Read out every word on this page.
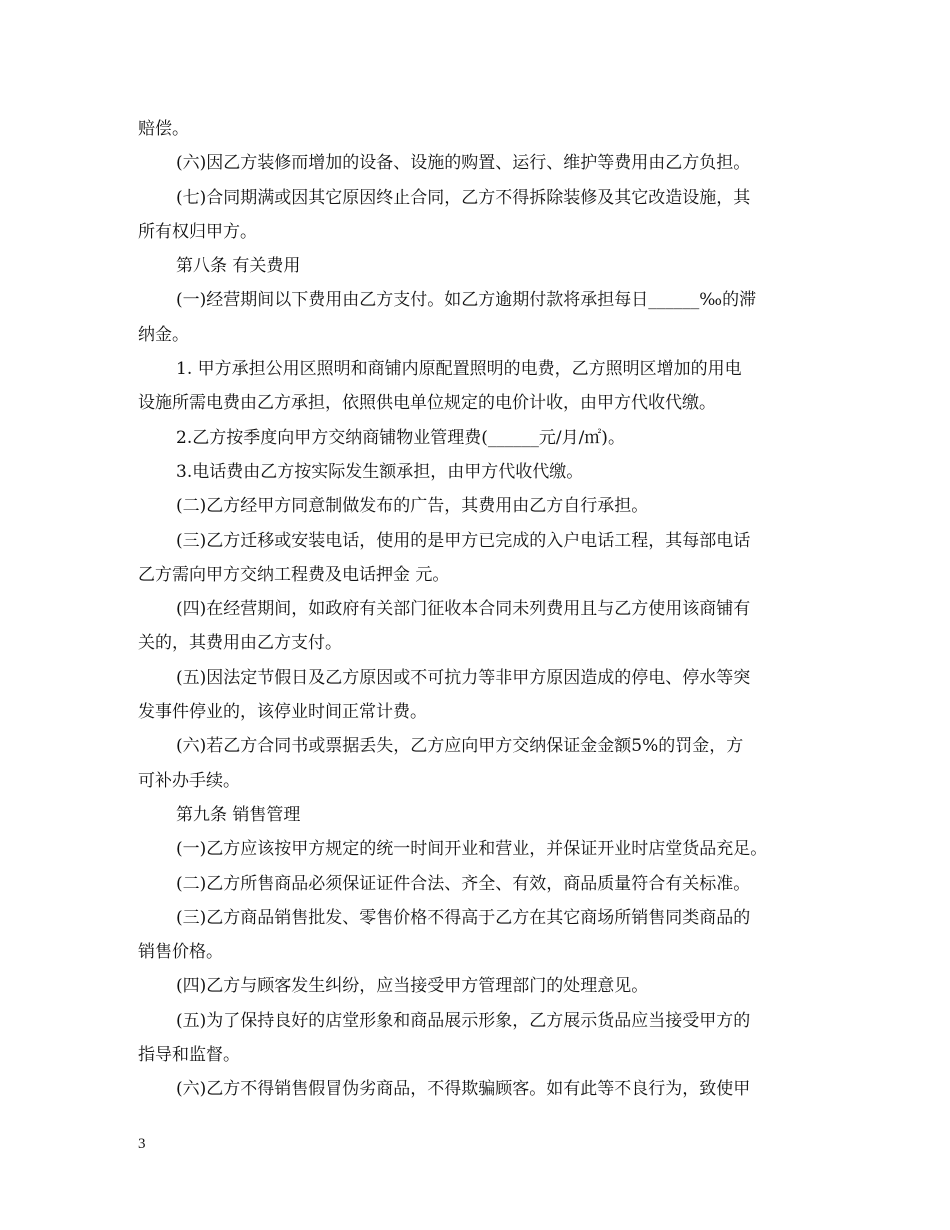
赔偿。
(六)因乙方装修而增加的设备、设施的购置、运行、维护等费用由乙方负担。
(七)合同期满或因其它原因终止合同，乙方不得拆除装修及其它改造设施，其
所有权归甲方。
第八条 有关费用
(一)经营期间以下费用由乙方支付。如乙方逾期付款将承担每日______‰的滞
纳金。
1. 甲方承担公用区照明和商铺内原配置照明的电费，乙方照明区增加的用电
设施所需电费由乙方承担，依照供电单位规定的电价计收，由甲方代收代缴。
2.乙方按季度向甲方交纳商铺物业管理费(______元/月/㎡)。
3.电话费由乙方按实际发生额承担，由甲方代收代缴。
(二)乙方经甲方同意制做发布的广告，其费用由乙方自行承担。
(三)乙方迁移或安装电话，使用的是甲方已完成的入户电话工程，其每部电话
乙方需向甲方交纳工程费及电话押金 元。
(四)在经营期间，如政府有关部门征收本合同未列费用且与乙方使用该商铺有
关的，其费用由乙方支付。
(五)因法定节假日及乙方原因或不可抗力等非甲方原因造成的停电、停水等突
发事件停业的，该停业时间正常计费。
(六)若乙方合同书或票据丢失，乙方应向甲方交纳保证金金额5%的罚金，方
可补办手续。
第九条 销售管理
(一)乙方应该按甲方规定的统一时间开业和营业，并保证开业时店堂货品充足。
(二)乙方所售商品必须保证证件合法、齐全、有效，商品质量符合有关标准。
(三)乙方商品销售批发、零售价格不得高于乙方在其它商场所销售同类商品的
销售价格。
(四)乙方与顾客发生纠纷，应当接受甲方管理部门的处理意见。
(五)为了保持良好的店堂形象和商品展示形象，乙方展示货品应当接受甲方的
指导和监督。
(六)乙方不得销售假冒伪劣商品，不得欺骗顾客。如有此等不良行为，致使甲
3
